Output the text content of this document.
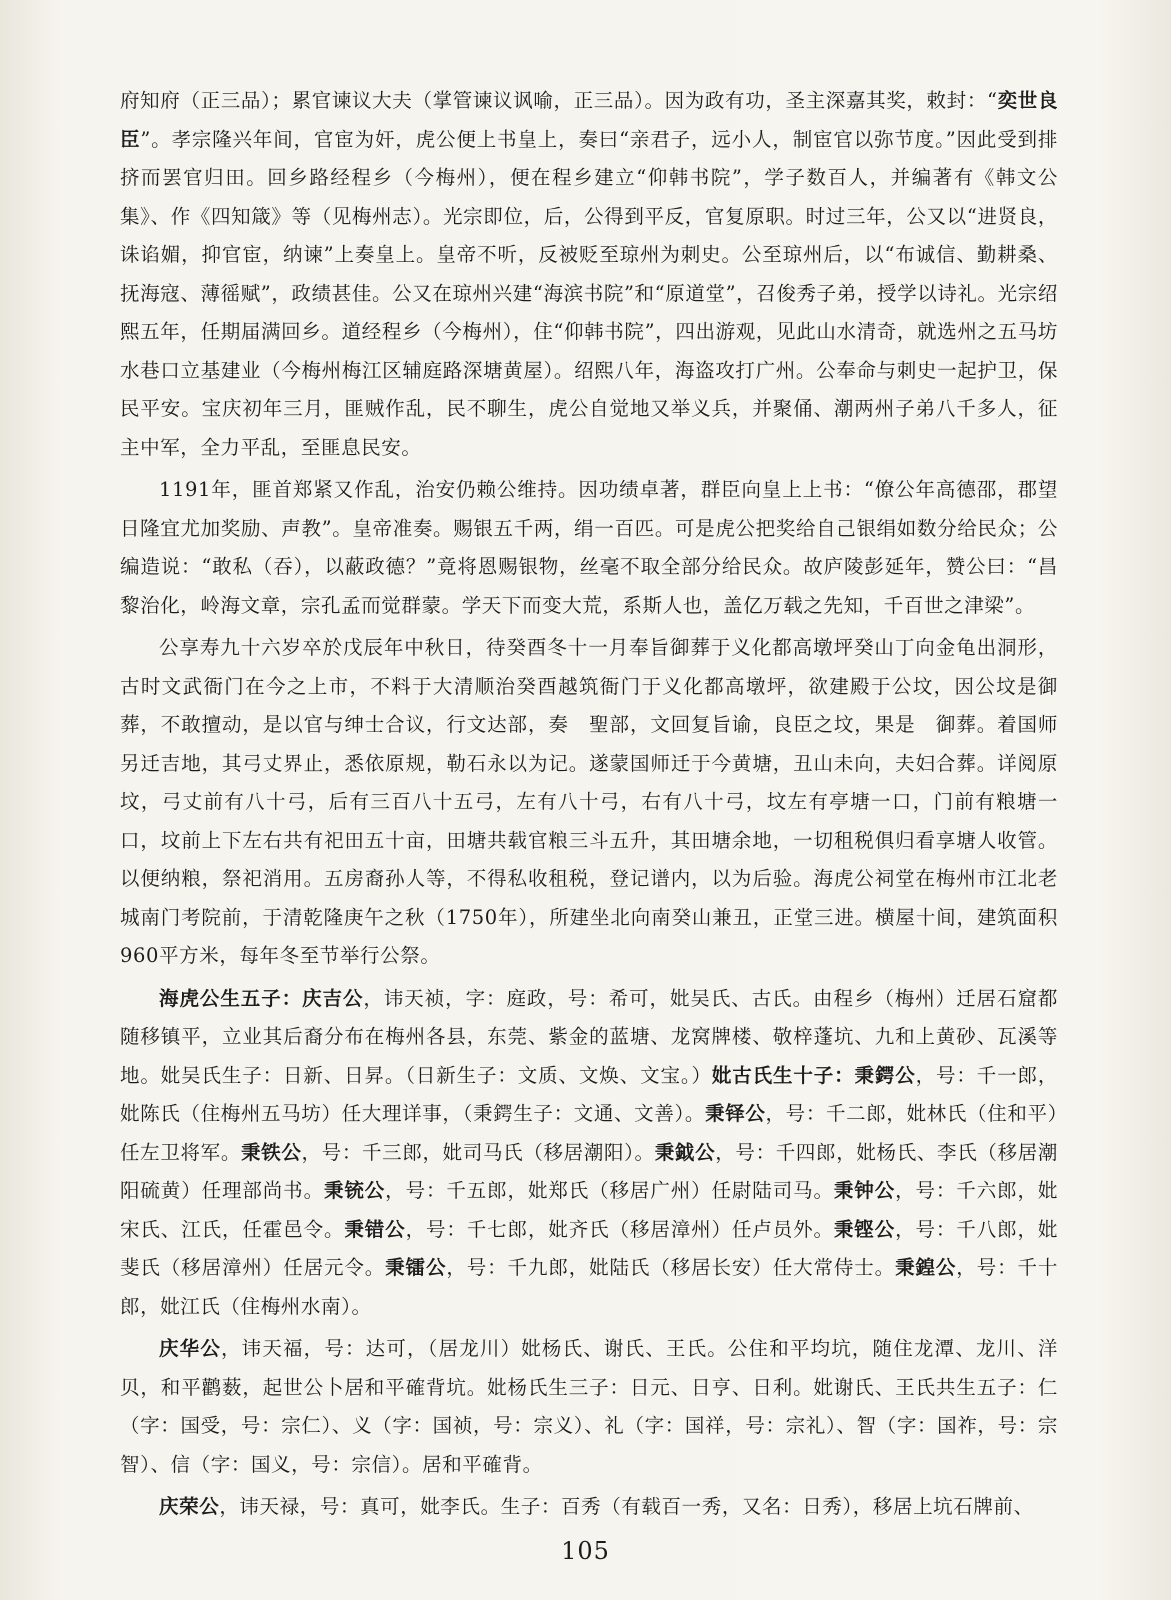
府知府（正三品）；累官谏议大夫（掌管谏议讽喻，正三品）。因为政有功，圣主深嘉其奖，敕封：“奕世良臣”。孝宗隆兴年间，官宦为奸，虎公便上书皇上，奏曰“亲君子，远小人，制宦官以弥节度。”因此受到排挤而罢官归田。回乡路经程乡（今梅州），便在程乡建立“仰韩书院”，学子数百人，并编著有《韩文公集》、作《四知箴》等（见梅州志）。光宗即位，后，公得到平反，官复原职。时过三年，公又以“进贤良，诛谄媚，抑官宦，纳谏”上奏皇上。皇帝不听，反被贬至琼州为刺史。公至琼州后，以“布诚信、勤耕桑、抚海寇、薄徭赋”，政绩甚佳。公又在琼州兴建“海滨书院”和“原道堂”，召俊秀子弟，授学以诗礼。光宗绍熙五年，任期届满回乡。道经程乡（今梅州），住“仰韩书院”，四出游观，见此山水清奇，就选州之五马坊水巷口立基建业（今梅州梅江区辅庭路深塘黄屋）。绍熙八年，海盗攻打广州。公奉命与刺史一起护卫，保民平安。宝庆初年三月，匪贼作乱，民不聊生，虎公自觉地又举义兵，并聚俑、潮两州子弟八千多人，征主中军，全力平乱，至匪息民安。

1191年，匪首郑紧又作乱，治安仍赖公维持。因功绩卓著，群臣向皇上上书：“僚公年高德邵，郡望日隆宜尤加奖励、声教”。皇帝准奏。赐银五千两，绢一百匹。可是虎公把奖给自己银绢如数分给民众；公编造说：“敢私（吞），以蔽政德？”竟将恩赐银物，丝毫不取全部分给民众。故庐陵彭延年，赞公曰：“昌黎治化，岭海文章，宗孔孟而觉群蒙。学天下而变大荒，系斯人也，盖亿万载之先知，千百世之津梁”。

公享寿九十六岁卒於戊辰年中秋日，待癸酉冬十一月奉旨御葬于义化都高墩坪癸山丁向金龟出洞形，古时文武衙门在今之上市，不料于大清顺治癸酉越筑衙门于义化都高墩坪，欲建殿于公坟，因公坟是御葬，不敢擅动，是以官与绅士合议，行文达部，奏　聖部，文回复旨谕，良臣之坟，果是　御葬。着国师另迁吉地，其弓丈界止，悉依原规，勒石永以为记。遂蒙国师迁于今黄塘，丑山未向，夫妇合葬。详阅原坟，弓丈前有八十弓，后有三百八十五弓，左有八十弓，右有八十弓，坟左有亭塘一口，门前有粮塘一口，坟前上下左右共有祀田五十亩，田塘共载官粮三斗五升，其田塘余地，一切租税俱归看享塘人收管。以便纳粮，祭祀消用。五房裔孙人等，不得私收租税，登记谱内，以为后验。海虎公祠堂在梅州市江北老城南门考院前，于清乾隆庚午之秋（1750年），所建坐北向南癸山兼丑，正堂三进。横屋十间，建筑面积960平方米，每年冬至节举行公祭。

海虎公生五子：庆吉公，讳天祯，字：庭政，号：希可，妣吴氏、古氏。由程乡（梅州）迁居石窟都随移镇平，立业其后裔分布在梅州各县，东莞、紫金的蓝塘、龙窝牌楼、敬梓蓬坑、九和上黄砂、瓦溪等地。妣吴氏生子：日新、日昇。（日新生子：文质、文焕、文宝。）妣古氏生十子：秉鍔公，号：千一郎，妣陈氏（住梅州五马坊）任大理详事，（秉鍔生子：文通、文善）。秉铎公，号：千二郎，妣林氏（住和平）任左卫将军。秉铁公，号：千三郎，妣司马氏（移居潮阳）。秉鉞公，号：千四郎，妣杨氏、李氏（移居潮阳硫黄）任理部尚书。秉铳公，号：千五郎，妣郑氏（移居广州）任尉陆司马。秉钟公，号：千六郎，妣宋氏、江氏，任霍邑令。秉错公，号：千七郎，妣齐氏（移居漳州）任卢员外。秉铿公，号：千八郎，妣斐氏（移居漳州）任居元令。秉镭公，号：千九郎，妣陆氏（移居长安）任大常侍士。秉鍠公，号：千十郎，妣江氏（住梅州水南）。

庆华公，讳天福，号：达可，（居龙川）妣杨氏、谢氏、王氏。公住和平均坑，随住龙潭、龙川、洋贝，和平鹳薮，起世公卜居和平確背坑。妣杨氏生三子：日元、日亨、日利。妣谢氏、王氏共生五子：仁（字：国受，号：宗仁）、义（字：国祯，号：宗义）、礼（字：国祥，号：宗礼）、智（字：国祚，号：宗智）、信（字：国义，号：宗信）。居和平確背。

庆荣公，讳天禄，号：真可，妣李氏。生子：百秀（有载百一秀，又名：日秀），移居上坑石牌前、

105
